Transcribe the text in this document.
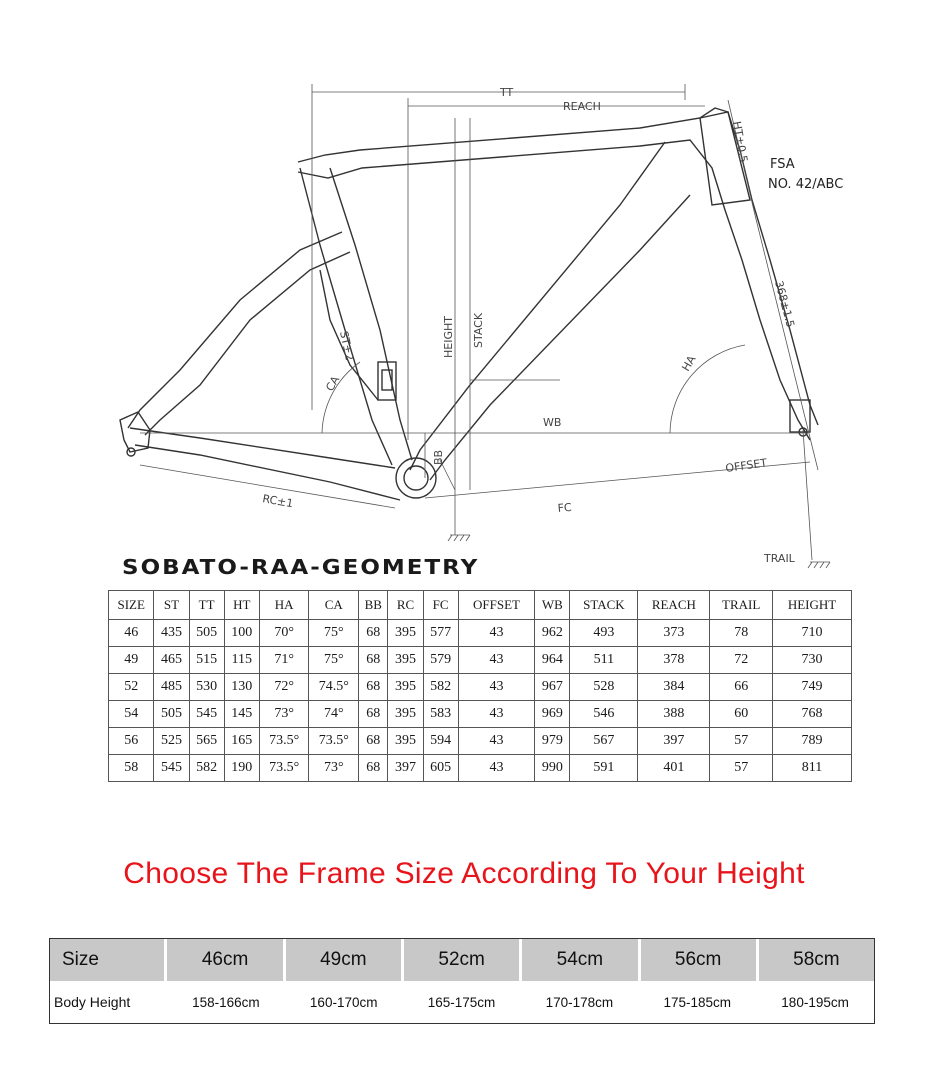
TT
REACH
HT±0.5
FSA
NO. 42/ABC
368±1.5
HEIGHT STACK
ST±2
CA
HA
WB
BB	OFFSET
RC±1	FC
TRAIL
SOBATO-RAA-GEOMETRY
SIZE	ST	TT	HT	HA	CA	BB	RC	FC	OFFSET	WB	STACK	REACH	TRAIL	HEIGHT
46	435	505	100	70°	75°	68	395	577	43	962	493	373	78	710
49	465	515	115	71°	75°	68	395	579	43	964	511	378	72	730
52	485	530	130	72°	74.5°	68	395	582	43	967	528	384	66	749
54	505	545	145	73°	74°	68	395	583	43	969	546	388	60	768
56	525	565	165	73.5°	73.5°	68	395	594	43	979	567	397	57	789
58	545	582	190	73.5°	73°	68	397	605	43	990	591	401	57	811
Choose The Frame Size According To Your Height
Size	46cm	49cm	52cm	54cm	56cm	58cm
Body Height	158-166cm	160-170cm	165-175cm	170-178cm	175-185cm	180-195cm
